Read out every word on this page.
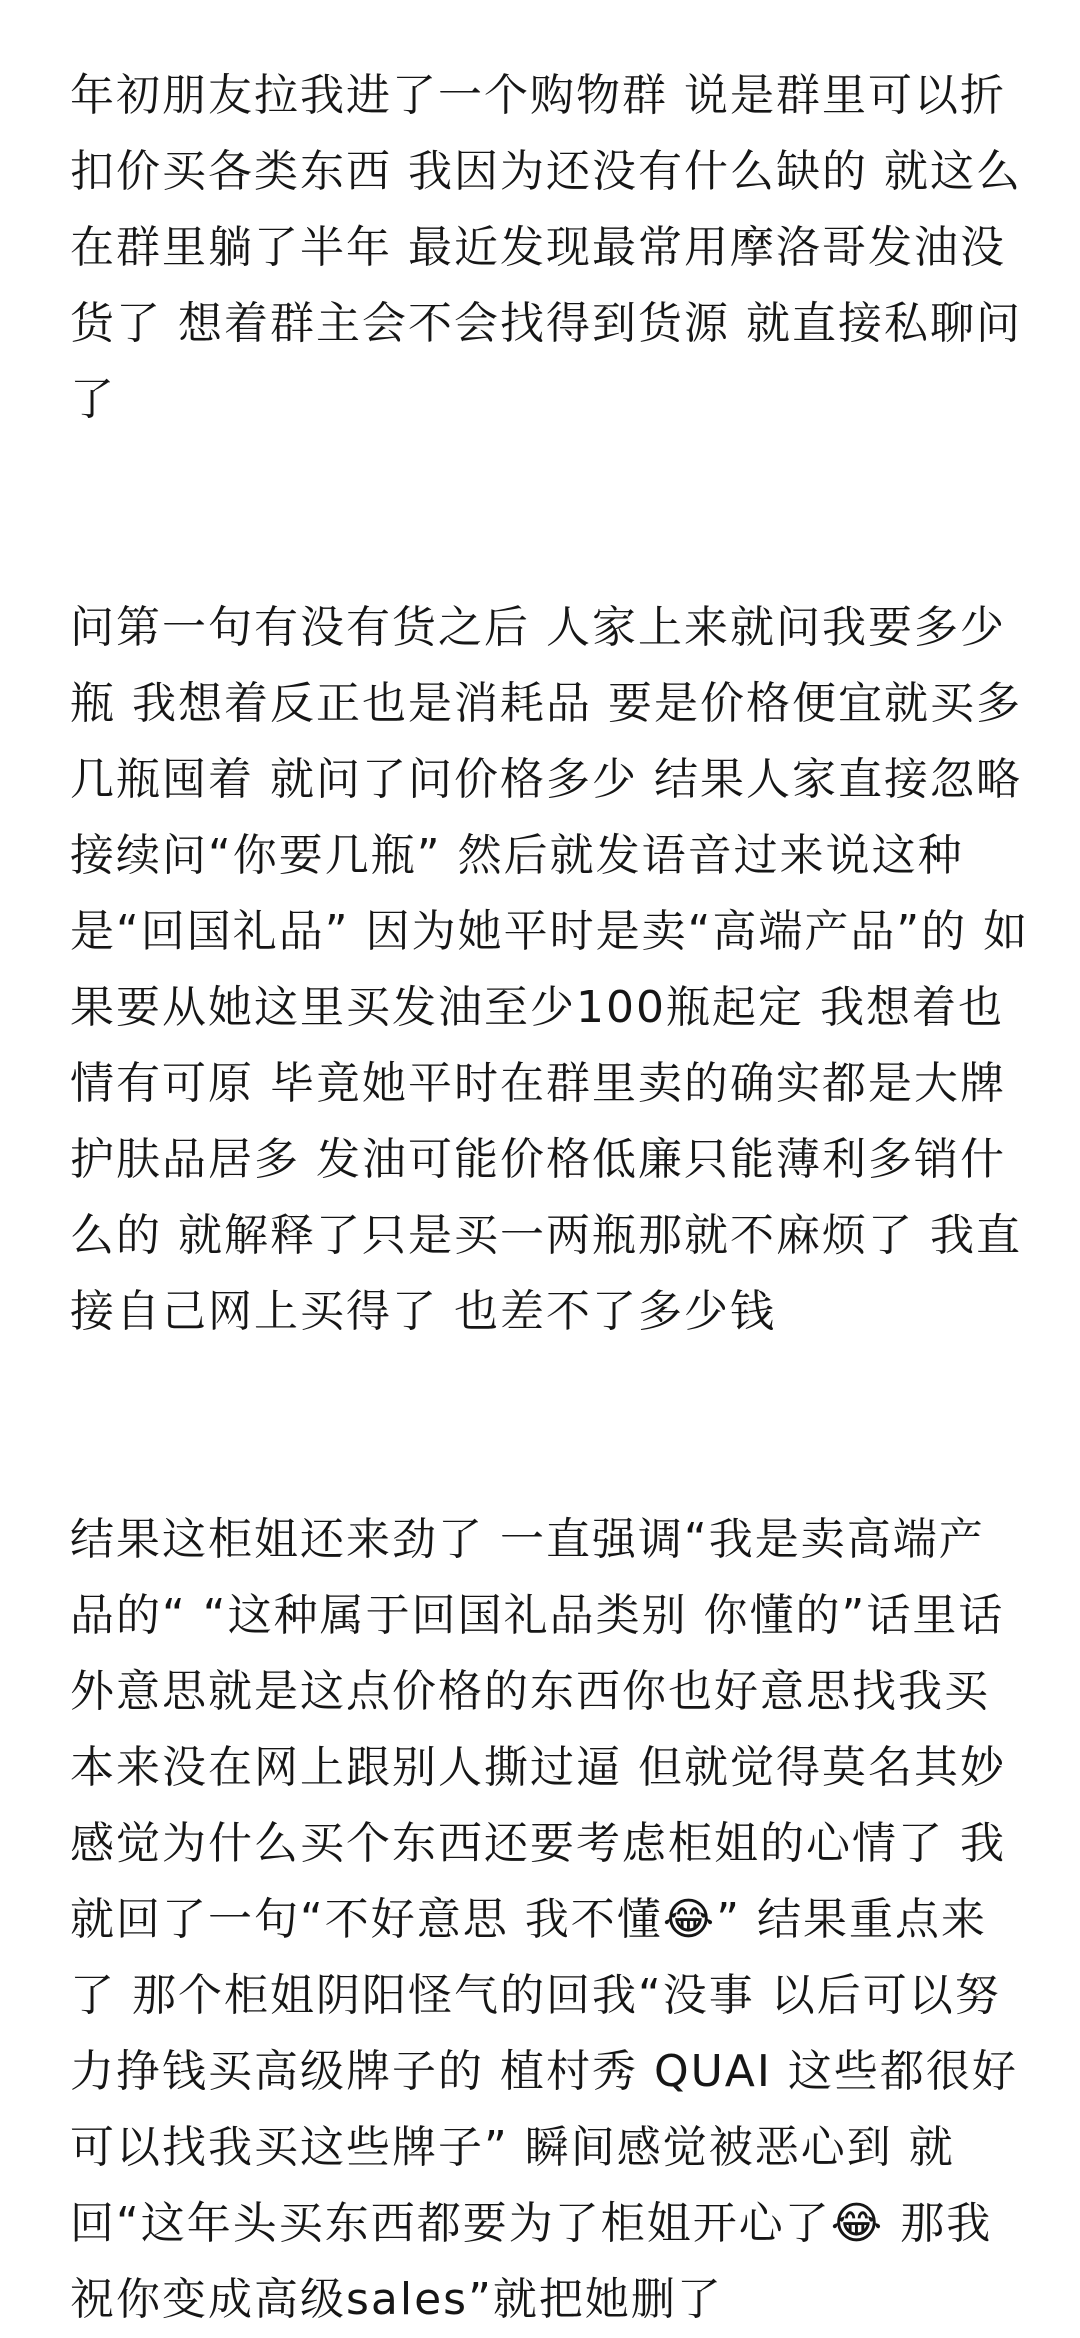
年初朋友拉我进了一个购物群 说是群里可以折扣价买各类东西 我因为还没有什么缺的 就这么在群里躺了半年 最近发现最常用摩洛哥发油没货了 想着群主会不会找得到货源 就直接私聊问了

问第一句有没有货之后 人家上来就问我要多少瓶 我想着反正也是消耗品 要是价格便宜就买多几瓶囤着 就问了问价格多少 结果人家直接忽略接续问“你要几瓶” 然后就发语音过来说这种是“回国礼品” 因为她平时是卖“高端产品”的 如果要从她这里买发油至少100瓶起定 我想着也情有可原 毕竟她平时在群里卖的确实都是大牌护肤品居多 发油可能价格低廉只能薄利多销什么的 就解释了只是买一两瓶那就不麻烦了 我直接自己网上买得了 也差不了多少钱

结果这柜姐还来劲了 一直强调“我是卖高端产品的“ “这种属于回国礼品类别 你懂的”话里话外意思就是这点价格的东西你也好意思找我买 本来没在网上跟别人撕过逼 但就觉得莫名其妙 感觉为什么买个东西还要考虑柜姐的心情了 我就回了一句“不好意思 我不懂😂” 结果重点来了 那个柜姐阴阳怪气的回我“没事 以后可以努力挣钱买高级牌子的 植村秀 QUAI 这些都很好 可以找我买这些牌子” 瞬间感觉被恶心到 就回“这年头买东西都要为了柜姐开心了😂 那我祝你变成高级sales”就把她删了
